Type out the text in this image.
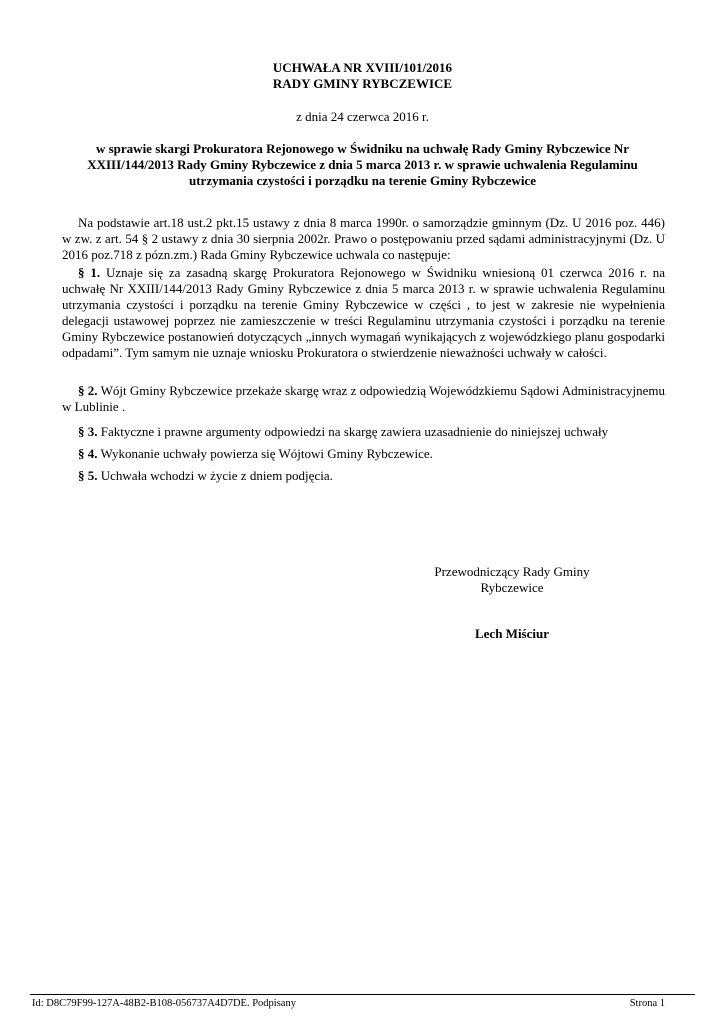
UCHWAŁA NR XVIII/101/2016
RADY GMINY RYBCZEWICE
z dnia 24 czerwca 2016 r.
w sprawie skargi Prokuratora Rejonowego w Świdniku na uchwałę Rady Gminy Rybczewice Nr XXIII/144/2013 Rady Gminy Rybczewice z dnia 5 marca 2013 r. w sprawie uchwalenia Regulaminu utrzymania czystości i porządku na terenie Gminy Rybczewice

Na podstawie art.18 ust.2 pkt.15 ustawy z dnia 8 marca 1990r. o samorządzie gminnym (Dz. U 2016 poz. 446) w zw. z art. 54 § 2 ustawy z dnia 30 sierpnia 2002r. Prawo o postępowaniu przed sądami administracyjnymi (Dz. U 2016 poz.718 z pózn.zm.) Rada Gminy Rybczewice uchwala co następuje:

§ 1. Uznaje się za zasadną skargę Prokuratora Rejonowego w Świdniku wniesioną 01 czerwca 2016 r. na uchwałę Nr XXIII/144/2013 Rady Gminy Rybczewice z dnia 5 marca 2013 r. w sprawie uchwalenia Regulaminu utrzymania czystości i porządku na terenie Gminy Rybczewice w części , to jest w zakresie nie wypełnienia delegacji ustawowej poprzez nie zamieszczenie w treści Regulaminu utrzymania czystości i porządku na terenie Gminy Rybczewice postanowień dotyczących „innych wymagań wynikających z wojewódzkiego planu gospodarki odpadami”. Tym samym nie uznaje wniosku Prokuratora o stwierdzenie nieważności uchwały w całości.

§ 2. Wójt Gminy Rybczewice przekaże skargę wraz z odpowiedzią Wojewódzkiemu Sądowi Administracyjnemu w Lublinie .

§ 3. Faktyczne i prawne argumenty odpowiedzi na skargę zawiera uzasadnienie do niniejszej uchwały

§ 4. Wykonanie uchwały powierza się Wójtowi Gminy Rybczewice.

§ 5. Uchwała wchodzi w życie z dniem podjęcia.

Przewodniczący Rady Gminy
Rybczewice
Lech Miściur
Id: D8C79F99-127A-48B2-B108-056737A4D7DE. Podpisany	Strona 1
